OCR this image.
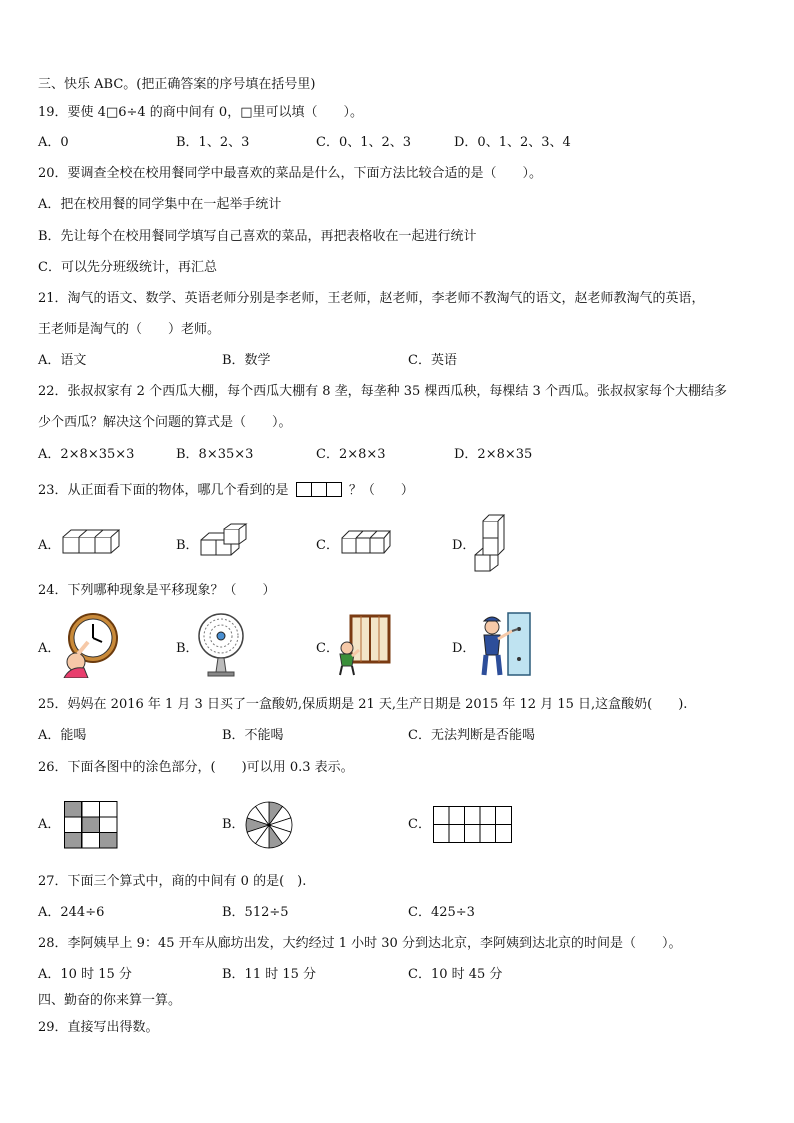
三、快乐 ABC。(把正确答案的序号填在括号里)
19．要使 4□6÷4 的商中间有 0，□里可以填（　　）。
A．0	B．1、2、3	C．0、1、2、3	D．0、1、2、3、4
20．要调查全校在校用餐同学中最喜欢的菜品是什么，下面方法比较合适的是（　　）。
A．把在校用餐的同学集中在一起举手统计
B．先让每个在校用餐同学填写自己喜欢的菜品，再把表格收在一起进行统计
C．可以先分班级统计，再汇总
21．淘气的语文、数学、英语老师分别是李老师，王老师，赵老师，李老师不教淘气的语文，赵老师教淘气的英语，
王老师是淘气的（　　）老师。
A．语文	B．数学	C．英语
22．张叔叔家有 2 个西瓜大棚，每个西瓜大棚有 8 垄，每垄种 35 棵西瓜秧，每棵结 3 个西瓜。张叔叔家每个大棚结多
少个西瓜？解决这个问题的算式是（　　）。
A．2×8×35×3	B．8×35×3	C．2×8×3	D．2×8×35
23．从正面看下面的物体，哪几个看到的是	？（　　）
A．	B．	C．	D．
24．下列哪种现象是平移现象？（　　）
A．	B．	C．	D．
25．妈妈在 2016 年 1 月 3 日买了一盒酸奶,保质期是 21 天,生产日期是 2015 年 12 月 15 日,这盒酸奶(　　).
A．能喝	B．不能喝	C．无法判断是否能喝
26．下面各图中的涂色部分，(　　)可以用 0.3 表示。
A．	B．	C．
27．下面三个算式中，商的中间有 0 的是(　).
A．244÷6	B．512÷5	C．425÷3
28．李阿姨早上 9：45 开车从廊坊出发，大约经过 1 小时 30 分到达北京，李阿姨到达北京的时间是（　　）。
A．10 时 15 分	B．11 时 15 分	C．10 时 45 分
四、勤奋的你来算一算。
29．直接写出得数。
